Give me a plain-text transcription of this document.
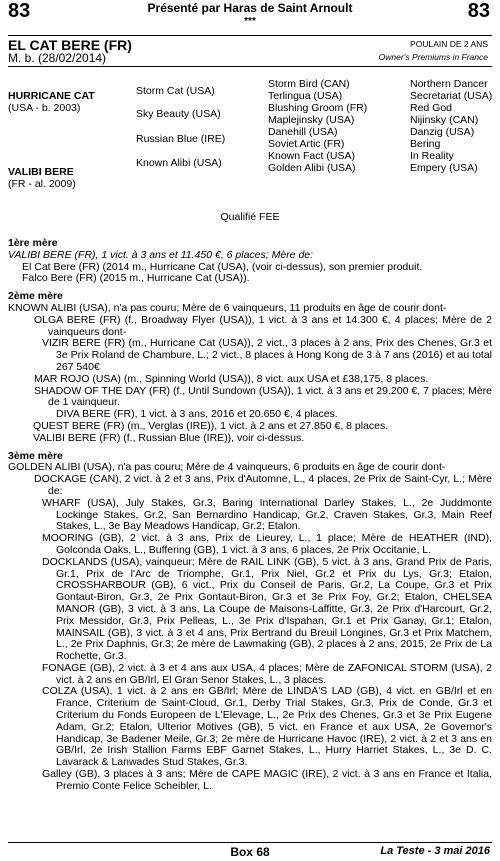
83	83
Présenté par Haras de Saint Arnoult
***
EL CAT BERE (FR)
M. b. (28/02/2014)
POULAIN DE 2 ANS
Owner's Premiums in France
HURRICANE CAT
(USA - b. 2003)
VALIBI BERE
(FR - al. 2009)
Storm Cat (USA)
Sky Beauty (USA)
Russian Blue (IRE)
Known Alibi (USA)
Storm Bird (CAN)
Terlingua (USA)
Blushing Groom (FR)
Maplejinsky (USA)
Danehill (USA)
Soviet Artic (FR)
Known Fact (USA)
Golden Alibi (USA)
Northern Dancer
Secretariat (USA)
Red God
Nijinsky (CAN)
Danzig (USA)
Bering
In Reality
Empery (USA)
Qualifié FEE
1ère mère

VALIBI BERE (FR), 1 vict. à 3 ans et 11.450 €, 6 places; Mère de:

El Cat Bere (FR) (2014 m., Hurricane Cat (USA), (voir ci-dessus), son premier produit.

Falco Bere (FR) (2015 m., Hurricane Cat (USA)).

2ème mère

KNOWN ALIBI (USA), n'a pas couru; Mère de 6 vainqueurs, 11 produits en âge de courir dont-

OLGA BERE (FR) (f., Broadway Flyer (USA)), 1 vict. à 3 ans et 14.300 €, 4 places; Mère de 2 vainqueurs dont-

VIZIR BERE (FR) (m., Hurricane Cat (USA)), 2 vict., 3 places à 2 ans, Prix des Chenes, Gr.3 et 3e Prix Roland de Chambure, L.; 2 vict., 8 places à Hong Kong de 3 à 7 ans (2016) et au total 267 540€

MAR ROJO (USA) (m., Spinning World (USA)), 8 vict. aux USA et £38,175, 8 places.

SHADOW OF THE DAY (FR) (f., Until Sundown (USA)), 1 vict. à 3 ans et 29.200 €, 7 places; Mère de 1 vainqueur.

DIVA BERE (FR), 1 vict. à 3 ans, 2016 et 20.650 €, 4 places.

QUEST BERE (FR) (m., Verglas (IRE)), 1 vict. à 2 ans et 27.850 €, 8 places.

VALIBI BERE (FR) (f., Russian Blue (IRE)), voir ci-dessus.

3ème mère

GOLDEN ALIBI (USA), n'a pas couru; Mère de 4 vainqueurs, 6 produits en âge de courir dont-

DOCKAGE (CAN), 2 vict. à 2 et 3 ans, Prix d'Automne, L., 4 places, 2e Prix de Saint-Cyr, L.; Mère de:

WHARF (USA), July Stakes, Gr.3, Baring International Darley Stakes, L., 2e Juddmonte Lockinge Stakes, Gr.2, San Bernardino Handicap, Gr.2, Craven Stakes, Gr.3, Main Reef Stakes, L., 3e Bay Meadows Handicap, Gr.2; Etalon.

MOORING (GB), 2 vict. à 3 ans, Prix de Lieurey, L., 1 place; Mère de HEATHER (IND), Golconda Oaks, L., Buffering (GB), 1 vict. à 3 ans, 6 places, 2e Prix Occitanie, L.

DOCKLANDS (USA), vainqueur; Mère de RAIL LINK (GB), 5 vict. à 3 ans, Grand Prix de Paris, Gr.1, Prix de l'Arc de Triomphe, Gr.1, Prix Niel, Gr.2 et Prix du Lys, Gr.3; Etalon, CROSSHARBOUR (GB), 6 vict., Prix du Conseil de Paris, Gr.2, La Coupe, Gr.3 et Prix Gontaut-Biron, Gr.3, 2e Prix Gontaut-Biron, Gr.3 et 3e Prix Foy, Gr.2; Etalon, CHELSEA MANOR (GB), 3 vict. à 3 ans, La Coupe de Maisons-Laffitte, Gr.3, 2e Prix d'Harcourt, Gr.2, Prix Messidor, Gr.3, Prix Pelleas, L., 3e Prix d'Ispahan, Gr.1 et Prix Ganay, Gr.1; Etalon, MAINSAIL (GB), 3 vict. à 3 et 4 ans, Prix Bertrand du Breuil Longines, Gr.3 et Prix Matchem, L., 2e Prix Daphnis, Gr.3; 2e mère de Lawmaking (GB), 2 places à 2 ans, 2015, 2e Prix de La Rochette, Gr.3.

FONAGE (GB), 2 vict. à 3 et 4 ans aux USA, 4 places; Mère de ZAFONICAL STORM (USA), 2 vict. à 2 ans en GB/Irl, El Gran Senor Stakes, L., 3 places.

COLZA (USA), 1 vict. à 2 ans en GB/Irl; Mère de LINDA'S LAD (GB), 4 vict. en GB/Irl et en France, Criterium de Saint-Cloud, Gr.1, Derby Trial Stakes, Gr.3, Prix de Conde, Gr.3 et Criterium du Fonds Europeen de L'Elevage, L., 2e Prix des Chenes, Gr.3 et 3e Prix Eugene Adam, Gr.2; Etalon, Ulterior Motives (GB), 5 vict. en France et aux USA, 2e Governor's Handicap, 3e Badener Meile, Gr.3; 2e mère de Hurricane Havoc (IRE), 2 vict. à 2 et 3 ans en GB/Irl, 2e Irish Stallion Farms EBF Garnet Stakes, L., Hurry Harriet Stakes, L., 3e D. C. Lavarack & Lanwades Stud Stakes, Gr.3.

Galley (GB), 3 places à 3 ans; Mère de CAPE MAGIC (IRE), 2 vict. à 3 ans en France et Italia, Premio Conte Felice Scheibler, L.

Box 68	La Teste - 3 mai 2016
